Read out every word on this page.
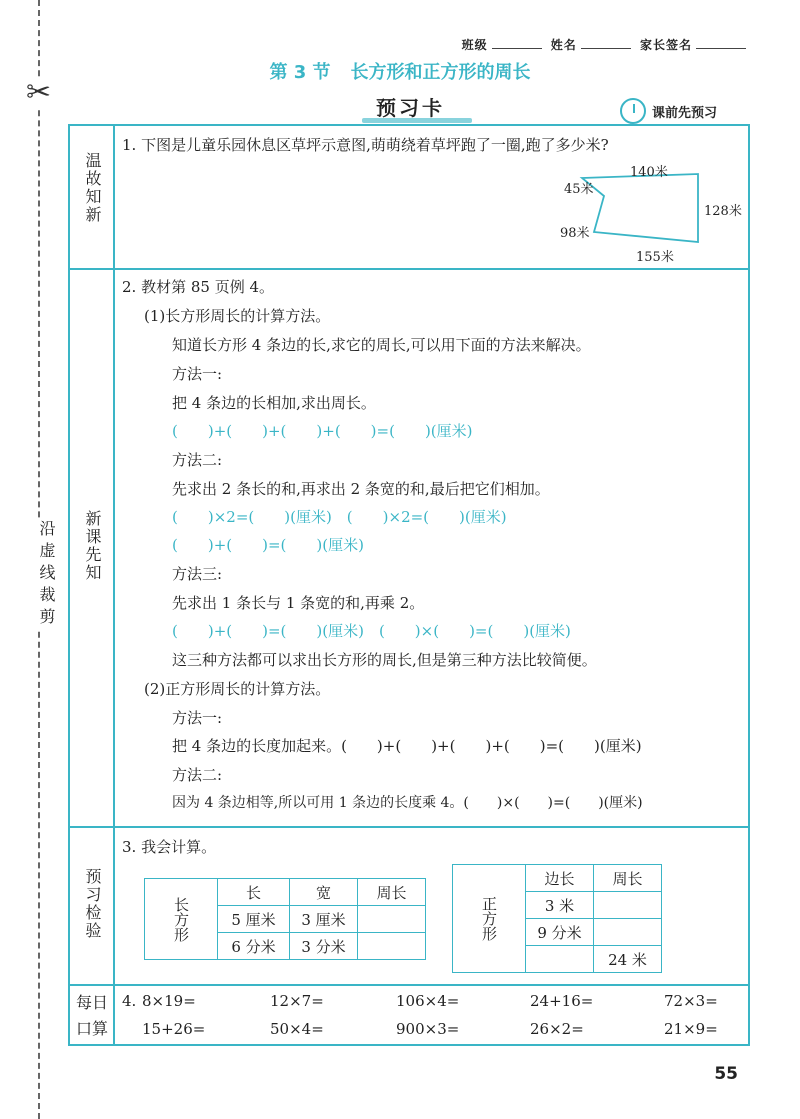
✂
沿虚线裁剪
班级	姓名	家长签名
第 3 节 长方形和正方形的周长
预习卡	课前先预习
温故知新
新课先知
预习检验
每日
口算
1. 下图是儿童乐园休息区草坪示意图,萌萌绕着草坪跑了一圈,跑了多少米?
140米
45米
128米
98米
155米
2. 教材第 85 页例 4。
(1)长方形周长的计算方法。
知道长方形 4 条边的长,求它的周长,可以用下面的方法来解决。
方法一:
把 4 条边的长相加,求出周长。
(　　)+(　　)+(　　)+(　　)=(　　)(厘米)
方法二:
先求出 2 条长的和,再求出 2 条宽的和,最后把它们相加。
(　　)×2=(　　)(厘米)　(　　)×2=(　　)(厘米)
(　　)+(　　)=(　　)(厘米)
方法三:
先求出 1 条长与 1 条宽的和,再乘 2。
(　　)+(　　)=(　　)(厘米)　(　　)×(　　)=(　　)(厘米)
这三种方法都可以求出长方形的周长,但是第三种方法比较简便。
(2)正方形周长的计算方法。
方法一:
把 4 条边的长度加起来。(　　)+(　　)+(　　)+(　　)=(　　)(厘米)
方法二:
因为 4 条边相等,所以可用 1 条边的长度乘 4。(　　)×(　　)=(　　)(厘米)
3. 我会计算。
长方形	长	宽	周长
	5 厘米	3 厘米	
	6 分米	3 分米	
正方形	边长	周长
	3 米	
	9 分米	
		24 米
4. 8×19=	12×7=	106×4=	24+16=	72×3=
15+26=	50×4=	900×3=	26×2=	21×9=
55
